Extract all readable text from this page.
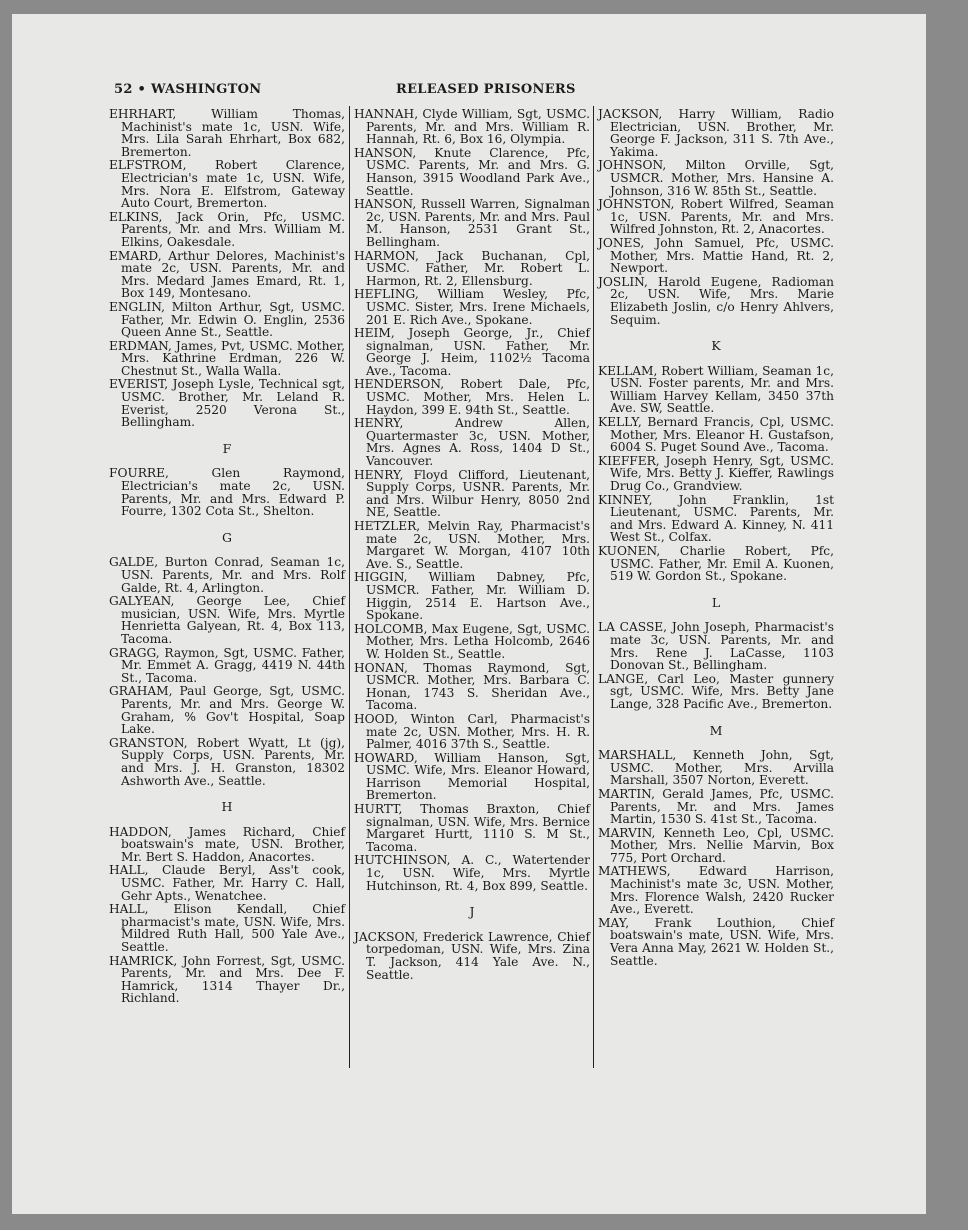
52 • WASHINGTON	RELEASED PRISONERS
EHRHART, William Thomas, Machinist's mate 1c, USN. Wife, Mrs. Lila Sarah Ehrhart, Box 682, Bremerton.
ELFSTROM, Robert Clarence, Electrician's mate 1c, USN. Wife, Mrs. Nora E. Elfstrom, Gateway Auto Court, Bremerton.
ELKINS, Jack Orin, Pfc, USMC. Parents, Mr. and Mrs. William M. Elkins, Oakesdale.
EMARD, Arthur Delores, Machinist's mate 2c, USN. Parents, Mr. and Mrs. Medard James Emard, Rt. 1, Box 149, Montesano.
ENGLIN, Milton Arthur, Sgt, USMC. Father, Mr. Edwin O. Englin, 2536 Queen Anne St., Seattle.
ERDMAN, James, Pvt, USMC. Mother, Mrs. Kathrine Erdman, 226 W. Chestnut St., Walla Walla.
EVERIST, Joseph Lysle, Technical sgt, USMC. Brother, Mr. Leland R. Everist, 2520 Verona St., Bellingham.
F
FOURRE, Glen Raymond, Electrician's mate 2c, USN. Parents, Mr. and Mrs. Edward P. Fourre, 1302 Cota St., Shelton.
G
GALDE, Burton Conrad, Seaman 1c, USN. Parents, Mr. and Mrs. Rolf Galde, Rt. 4, Arlington.
GALYEAN, George Lee, Chief musician, USN. Wife, Mrs. Myrtle Henrietta Galyean, Rt. 4, Box 113, Tacoma.
GRAGG, Raymon, Sgt, USMC. Father, Mr. Emmet A. Gragg, 4419 N. 44th St., Tacoma.
GRAHAM, Paul George, Sgt, USMC. Parents, Mr. and Mrs. George W. Graham, % Gov't Hospital, Soap Lake.
GRANSTON, Robert Wyatt, Lt (jg), Supply Corps, USN. Parents, Mr. and Mrs. J. H. Granston, 18302 Ashworth Ave., Seattle.
H
HADDON, James Richard, Chief boatswain's mate, USN. Brother, Mr. Bert S. Haddon, Anacortes.
HALL, Claude Beryl, Ass't cook, USMC. Father, Mr. Harry C. Hall, Gehr Apts., Wenatchee.
HALL, Elison Kendall, Chief pharmacist's mate, USN. Wife, Mrs. Mildred Ruth Hall, 500 Yale Ave., Seattle.
HAMRICK, John Forrest, Sgt, USMC. Parents, Mr. and Mrs. Dee F. Hamrick, 1314 Thayer Dr., Richland.
HANNAH, Clyde William, Sgt, USMC. Parents, Mr. and Mrs. William R. Hannah, Rt. 6, Box 16, Olympia.
HANSON, Knute Clarence, Pfc, USMC. Parents, Mr. and Mrs. G. Hanson, 3915 Woodland Park Ave., Seattle.
HANSON, Russell Warren, Signalman 2c, USN. Parents, Mr. and Mrs. Paul M. Hanson, 2531 Grant St., Bellingham.
HARMON, Jack Buchanan, Cpl, USMC. Father, Mr. Robert L. Harmon, Rt. 2, Ellensburg.
HEFLING, William Wesley, Pfc, USMC. Sister, Mrs. Irene Michaels, 201 E. Rich Ave., Spokane.
HEIM, Joseph George, Jr., Chief signalman, USN. Father, Mr. George J. Heim, 1102½ Tacoma Ave., Tacoma.
HENDERSON, Robert Dale, Pfc, USMC. Mother, Mrs. Helen L. Haydon, 399 E. 94th St., Seattle.
HENRY, Andrew Allen, Quartermaster 3c, USN. Mother, Mrs. Agnes A. Ross, 1404 D St., Vancouver.
HENRY, Floyd Clifford, Lieutenant, Supply Corps, USNR. Parents, Mr. and Mrs. Wilbur Henry, 8050 2nd NE, Seattle.
HETZLER, Melvin Ray, Pharmacist's mate 2c, USN. Mother, Mrs. Margaret W. Morgan, 4107 10th Ave. S., Seattle.
HIGGIN, William Dabney, Pfc, USMCR. Father, Mr. William D. Higgin, 2514 E. Hartson Ave., Spokane.
HOLCOMB, Max Eugene, Sgt, USMC. Mother, Mrs. Letha Holcomb, 2646 W. Holden St., Seattle.
HONAN, Thomas Raymond, Sgt, USMCR. Mother, Mrs. Barbara C. Honan, 1743 S. Sheridan Ave., Tacoma.
HOOD, Winton Carl, Pharmacist's mate 2c, USN. Mother, Mrs. H. R. Palmer, 4016 37th S., Seattle.
HOWARD, William Hanson, Sgt, USMC. Wife, Mrs. Eleanor Howard, Harrison Memorial Hospital, Bremerton.
HURTT, Thomas Braxton, Chief signalman, USN. Wife, Mrs. Bernice Margaret Hurtt, 1110 S. M St., Tacoma.
HUTCHINSON, A. C., Watertender 1c, USN. Wife, Mrs. Myrtle Hutchinson, Rt. 4, Box 899, Seattle.
J
JACKSON, Frederick Lawrence, Chief torpedoman, USN. Wife, Mrs. Zina T. Jackson, 414 Yale Ave. N., Seattle.
JACKSON, Harry William, Radio Electrician, USN. Brother, Mr. George F. Jackson, 311 S. 7th Ave., Yakima.
JOHNSON, Milton Orville, Sgt, USMCR. Mother, Mrs. Hansine A. Johnson, 316 W. 85th St., Seattle.
JOHNSTON, Robert Wilfred, Seaman 1c, USN. Parents, Mr. and Mrs. Wilfred Johnston, Rt. 2, Anacortes.
JONES, John Samuel, Pfc, USMC. Mother, Mrs. Mattie Hand, Rt. 2, Newport.
JOSLIN, Harold Eugene, Radioman 2c, USN. Wife, Mrs. Marie Elizabeth Joslin, c/o Henry Ahlvers, Sequim.
K
KELLAM, Robert William, Seaman 1c, USN. Foster parents, Mr. and Mrs. William Harvey Kellam, 3450 37th Ave. SW, Seattle.
KELLY, Bernard Francis, Cpl, USMC. Mother, Mrs. Eleanor H. Gustafson, 6004 S. Puget Sound Ave., Tacoma.
KIEFFER, Joseph Henry, Sgt, USMC. Wife, Mrs. Betty J. Kieffer, Rawlings Drug Co., Grandview.
KINNEY, John Franklin, 1st Lieutenant, USMC. Parents, Mr. and Mrs. Edward A. Kinney, N. 411 West St., Colfax.
KUONEN, Charlie Robert, Pfc, USMC. Father, Mr. Emil A. Kuonen, 519 W. Gordon St., Spokane.
L
LA CASSE, John Joseph, Pharmacist's mate 3c, USN. Parents, Mr. and Mrs. Rene J. LaCasse, 1103 Donovan St., Bellingham.
LANGE, Carl Leo, Master gunnery sgt, USMC. Wife, Mrs. Betty Jane Lange, 328 Pacific Ave., Bremerton.
M
MARSHALL, Kenneth John, Sgt, USMC. Mother, Mrs. Arvilla Marshall, 3507 Norton, Everett.
MARTIN, Gerald James, Pfc, USMC. Parents, Mr. and Mrs. James Martin, 1530 S. 41st St., Tacoma.
MARVIN, Kenneth Leo, Cpl, USMC. Mother, Mrs. Nellie Marvin, Box 775, Port Orchard.
MATHEWS, Edward Harrison, Machinist's mate 3c, USN. Mother, Mrs. Florence Walsh, 2420 Rucker Ave., Everett.
MAY, Frank Louthion, Chief boatswain's mate, USN. Wife, Mrs. Vera Anna May, 2621 W. Holden St., Seattle.
